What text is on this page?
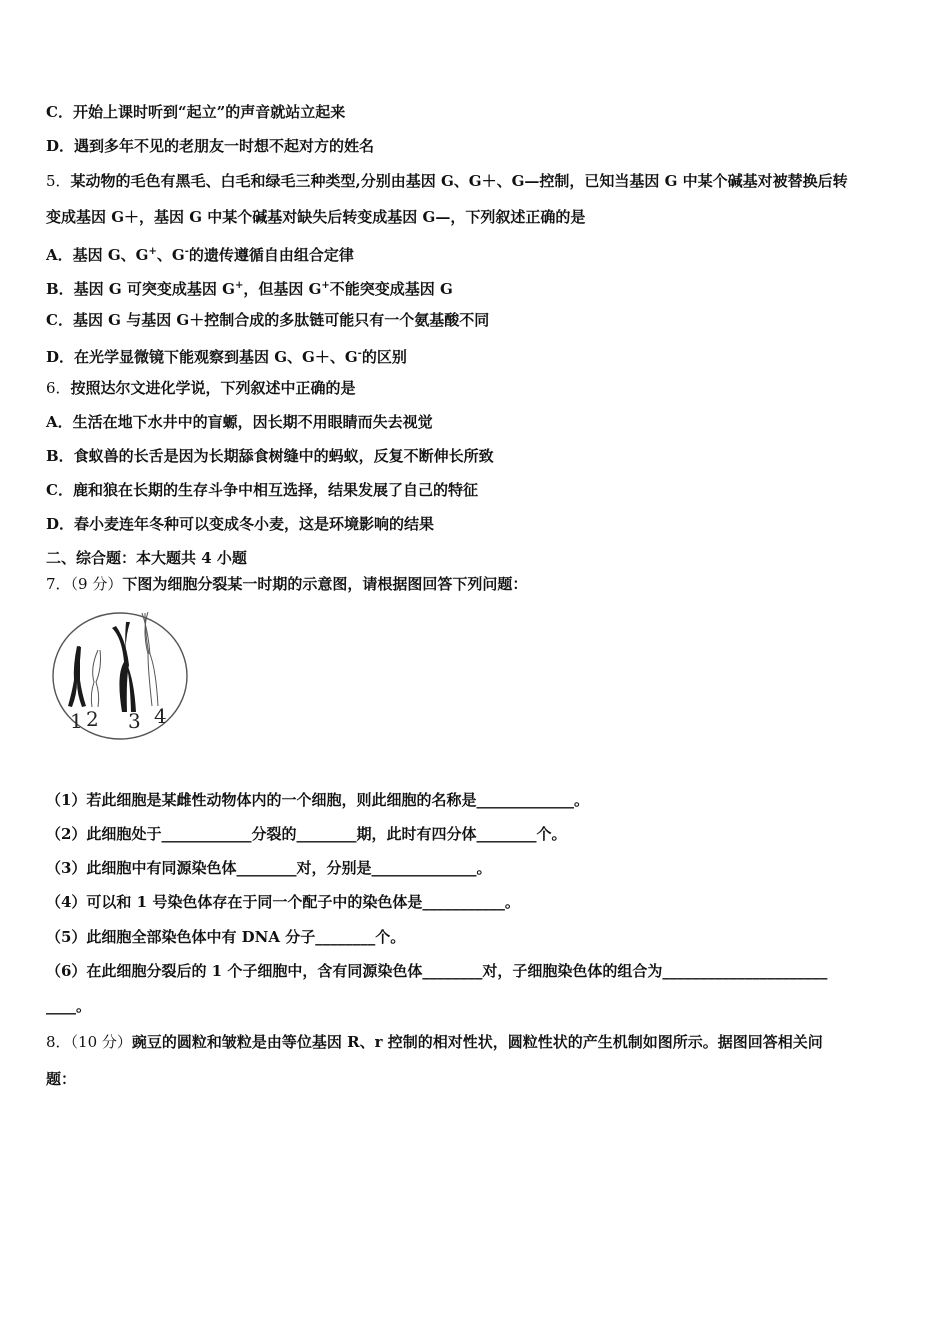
C．开始上课时听到“起立”的声音就站立起来
D．遇到多年不见的老朋友一时想不起对方的姓名
5．某动物的毛色有黑毛、白毛和绿毛三种类型,分别由基因 G、G＋、G—控制，已知当基因 G 中某个碱基对被替换后转
变成基因 G＋，基因 G 中某个碱基对缺失后转变成基因 G—，下列叙述正确的是
A．基因 G、G+、G-的遗传遵循自由组合定律
B．基因 G 可突变成基因 G+，但基因 G+不能突变成基因 G
C．基因 G 与基因 G＋控制合成的多肽链可能只有一个氨基酸不同
D．在光学显微镜下能观察到基因 G、G＋、G-的区别
6．按照达尔文进化学说，下列叙述中正确的是
A．生活在地下水井中的盲螈，因长期不用眼睛而失去视觉
B．食蚁兽的长舌是因为长期舔食树缝中的蚂蚁，反复不断伸长所致
C．鹿和狼在长期的生存斗争中相互选择，结果发展了自己的特征
D．春小麦连年冬种可以变成冬小麦，这是环境影响的结果
二、综合题：本大题共 4 小题
7．（9 分）下图为细胞分裂某一时期的示意图，请根据图回答下列问题：
1 2 3 4
（1）若此细胞是某雌性动物体内的一个细胞，则此细胞的名称是_____________。
（2）此细胞处于____________分裂的________期，此时有四分体________个。
（3）此细胞中有同源染色体________对，分别是______________。
（4）可以和 1 号染色体存在于同一个配子中的染色体是___________。
（5）此细胞全部染色体中有 DNA 分子________个。
（6）在此细胞分裂后的 1 个子细胞中，含有同源染色体________对，子细胞染色体的组合为______________________
____。
8．（10 分）豌豆的圆粒和皱粒是由等位基因 R、r 控制的相对性状，圆粒性状的产生机制如图所示。据图回答相关问
题：
